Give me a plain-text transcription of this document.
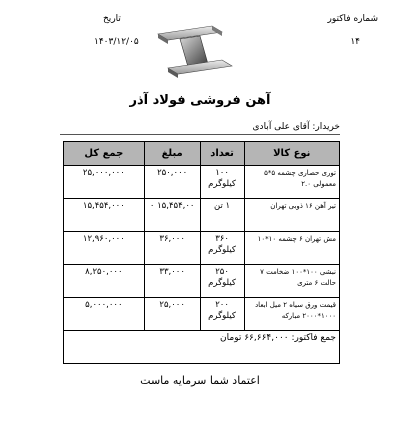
شماره فاکتور
۱۴
تاریخ
۱۴۰۳/۱۲/۰۵
آهن فروشی فولاد آذر
خریدار: آقای علی آبادی
نوع کالا	تعداد	مبلغ	جمع کل
توری حصاری چشمه ۵*۵ معمولی ۲.۰	۱۰۰ کیلوگرم	۲۵۰,۰۰۰	۲۵,۰۰۰,۰۰۰
تیر آهن ۱۶ ذوبی تهران	۱ تن	۱۵,۴۵۴,۰۰ ۰	۱۵,۴۵۴,۰۰۰
مش تهران ۶ چشمه ۱۰*۱۰	۳۶۰ کیلوگرم	۳۶,۰۰۰	۱۲,۹۶۰,۰۰۰
نبشی ۱۰۰*۱۰۰ ضخامت ۷ حالت ۶ متری	۲۵۰ کیلوگرم	۳۳,۰۰۰	۸,۲۵۰,۰۰۰
قیمت ورق سیاه ۲ میل ابعاد ۱۰۰۰*۲۰۰۰ مبارکه	۲۰۰ کیلوگرم	۲۵,۰۰۰	۵,۰۰۰,۰۰۰
جمع فاکتور: ۶۶,۶۶۴,۰۰۰ تومان			
اعتماد شما سرمایه ماست
